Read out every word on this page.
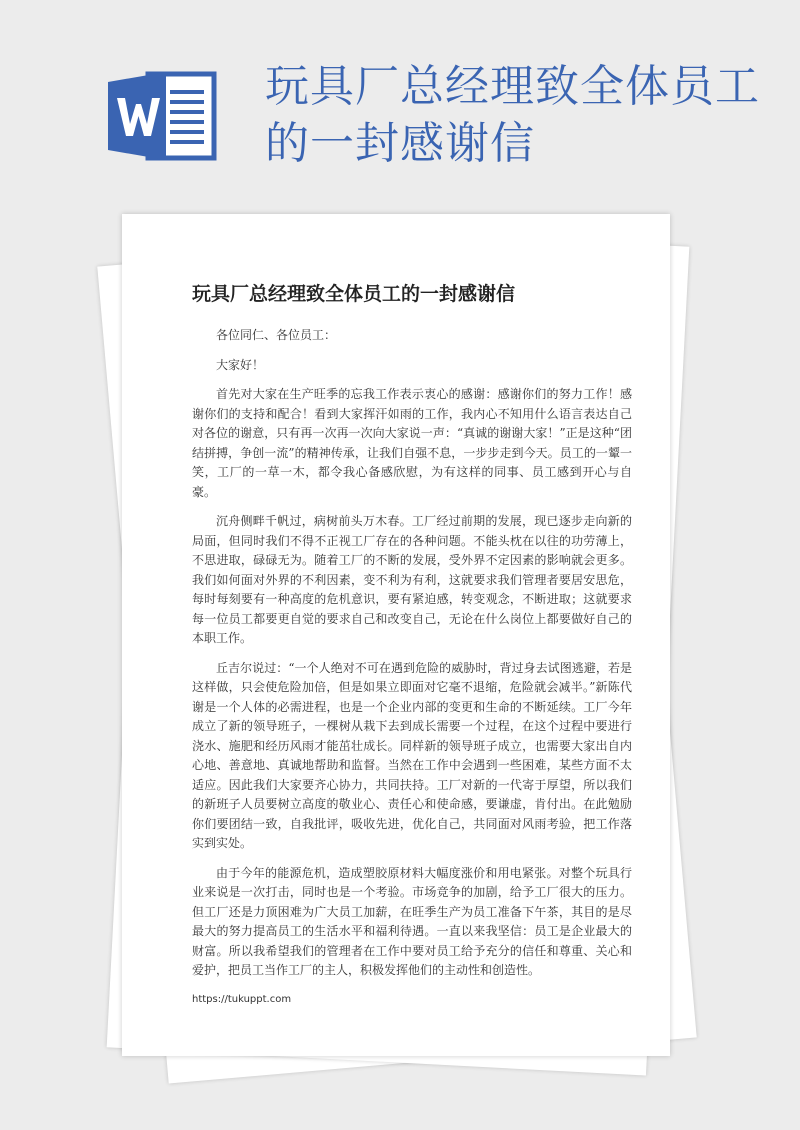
玩具厂总经理致全体员工的一封感谢信
玩具厂总经理致全体员工的一封感谢信

各位同仁、各位员工：

大家好！

首先对大家在生产旺季的忘我工作表示衷心的感谢：感谢你们的努力工作！感谢你们的支持和配合！看到大家挥汗如雨的工作，我内心不知用什么语言表达自己对各位的谢意，只有再一次再一次向大家说一声：“真诚的谢谢大家！”正是这种“团结拼搏，争创一流”的精神传承，让我们自强不息，一步步走到今天。员工的一颦一笑，工厂的一草一木，都令我心备感欣慰，为有这样的同事、员工感到开心与自豪。

沉舟侧畔千帆过，病树前头万木春。工厂经过前期的发展，现已逐步走向新的局面，但同时我们不得不正视工厂存在的各种问题。不能头枕在以往的功劳薄上，不思进取，碌碌无为。随着工厂的不断的发展，受外界不定因素的影响就会更多。我们如何面对外界的不利因素，变不利为有利，这就要求我们管理者要居安思危，每时每刻要有一种高度的危机意识，要有紧迫感，转变观念，不断进取；这就要求每一位员工都要更自觉的要求自己和改变自己，无论在什么岗位上都要做好自己的本职工作。

丘吉尔说过：“一个人绝对不可在遇到危险的威胁时，背过身去试图逃避，若是这样做，只会使危险加倍，但是如果立即面对它毫不退缩，危险就会减半。”新陈代谢是一个人体的必需进程，也是一个企业内部的变更和生命的不断延续。工厂今年成立了新的领导班子，一棵树从栽下去到成长需要一个过程，在这个过程中要进行浇水、施肥和经历风雨才能茁壮成长。同样新的领导班子成立，也需要大家出自内心地、善意地、真诚地帮助和监督。当然在工作中会遇到一些困难，某些方面不太适应。因此我们大家要齐心协力，共同扶持。工厂对新的一代寄于厚望，所以我们的新班子人员要树立高度的敬业心、责任心和使命感，要谦虚，肯付出。在此勉励你们要团结一致，自我批评，吸收先进，优化自己，共同面对风雨考验，把工作落实到实处。

由于今年的能源危机，造成塑胶原材料大幅度涨价和用电紧张。对整个玩具行业来说是一次打击，同时也是一个考验。市场竞争的加剧，给予工厂很大的压力。但工厂还是力顶困难为广大员工加薪，在旺季生产为员工准备下午茶，其目的是尽最大的努力提高员工的生活水平和福利待遇。一直以来我坚信：员工是企业最大的财富。所以我希望我们的管理者在工作中要对员工给予充分的信任和尊重、关心和爱护，把员工当作工厂的主人，积极发挥他们的主动性和创造性。

https://tukuppt.com
